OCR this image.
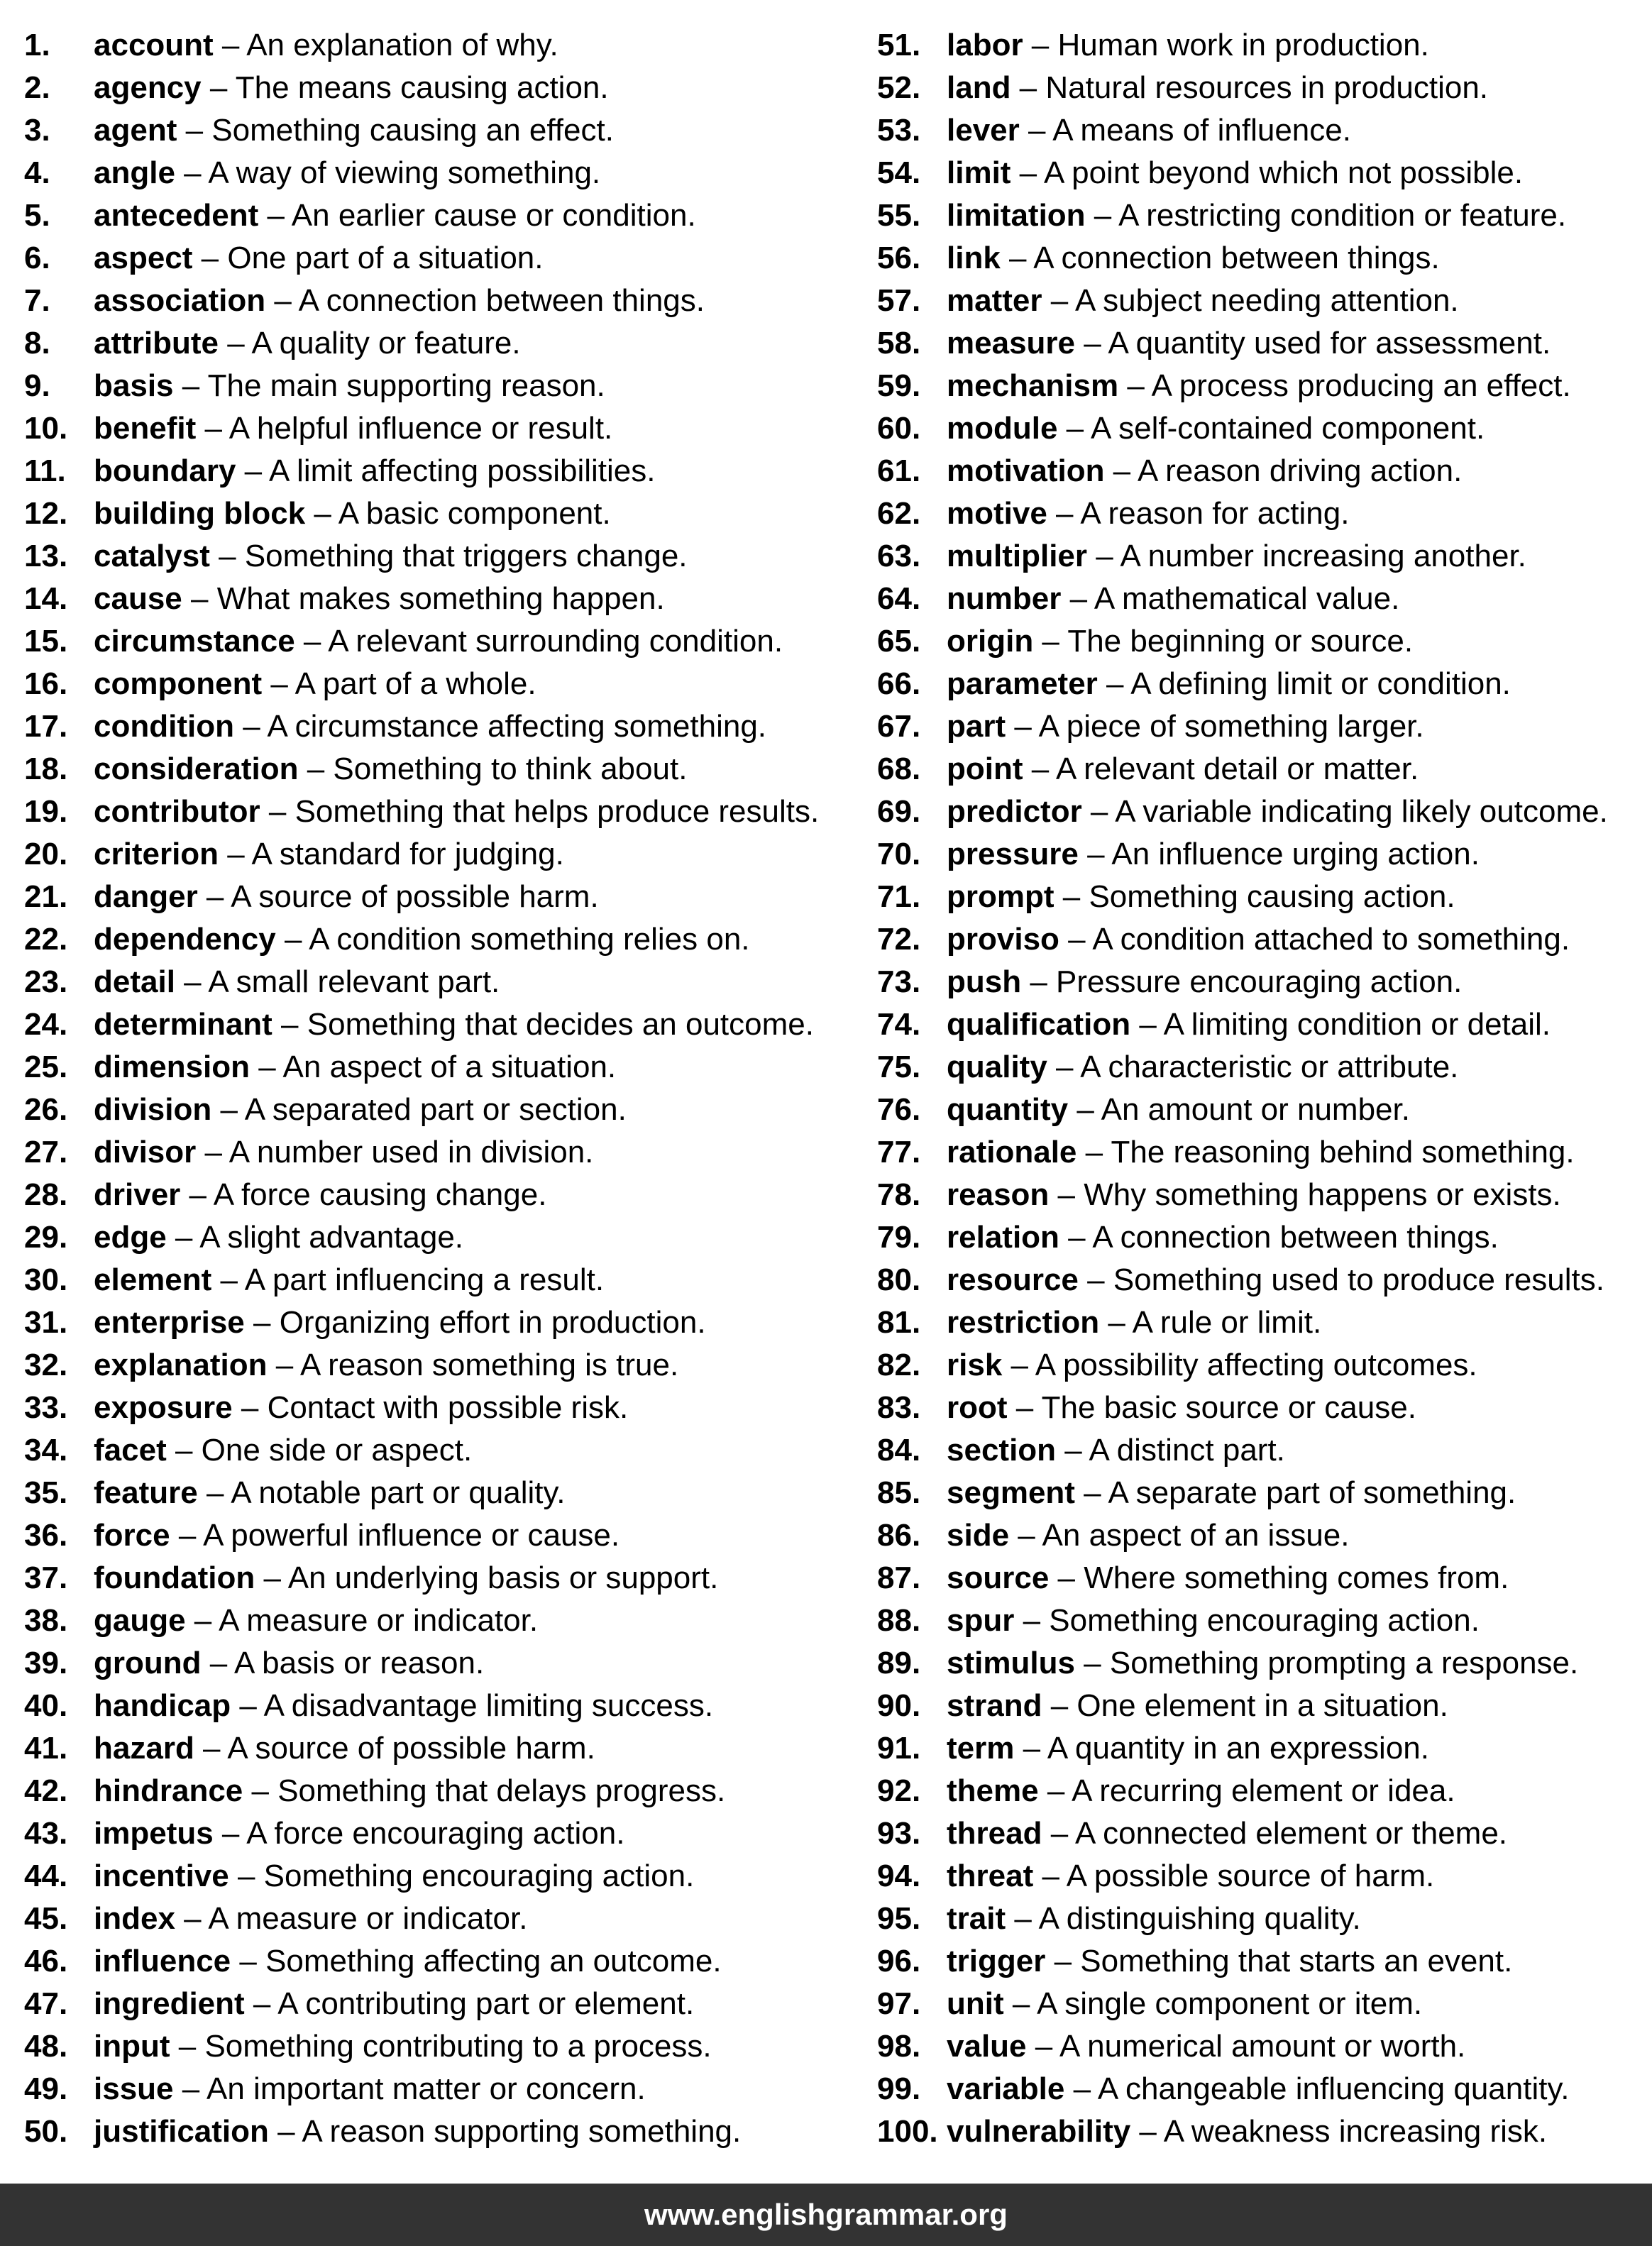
1. account – An explanation of why.
2. agency – The means causing action.
3. agent – Something causing an effect.
4. angle – A way of viewing something.
5. antecedent – An earlier cause or condition.
6. aspect – One part of a situation.
7. association – A connection between things.
8. attribute – A quality or feature.
9. basis – The main supporting reason.
10. benefit – A helpful influence or result.
11. boundary – A limit affecting possibilities.
12. building block – A basic component.
13. catalyst – Something that triggers change.
14. cause – What makes something happen.
15. circumstance – A relevant surrounding condition.
16. component – A part of a whole.
17. condition – A circumstance affecting something.
18. consideration – Something to think about.
19. contributor – Something that helps produce results.
20. criterion – A standard for judging.
21. danger – A source of possible harm.
22. dependency – A condition something relies on.
23. detail – A small relevant part.
24. determinant – Something that decides an outcome.
25. dimension – An aspect of a situation.
26. division – A separated part or section.
27. divisor – A number used in division.
28. driver – A force causing change.
29. edge – A slight advantage.
30. element – A part influencing a result.
31. enterprise – Organizing effort in production.
32. explanation – A reason something is true.
33. exposure – Contact with possible risk.
34. facet – One side or aspect.
35. feature – A notable part or quality.
36. force – A powerful influence or cause.
37. foundation – An underlying basis or support.
38. gauge – A measure or indicator.
39. ground – A basis or reason.
40. handicap – A disadvantage limiting success.
41. hazard – A source of possible harm.
42. hindrance – Something that delays progress.
43. impetus – A force encouraging action.
44. incentive – Something encouraging action.
45. index – A measure or indicator.
46. influence – Something affecting an outcome.
47. ingredient – A contributing part or element.
48. input – Something contributing to a process.
49. issue – An important matter or concern.
50. justification – A reason supporting something.
51. labor – Human work in production.
52. land – Natural resources in production.
53. lever – A means of influence.
54. limit – A point beyond which not possible.
55. limitation – A restricting condition or feature.
56. link – A connection between things.
57. matter – A subject needing attention.
58. measure – A quantity used for assessment.
59. mechanism – A process producing an effect.
60. module – A self-contained component.
61. motivation – A reason driving action.
62. motive – A reason for acting.
63. multiplier – A number increasing another.
64. number – A mathematical value.
65. origin – The beginning or source.
66. parameter – A defining limit or condition.
67. part – A piece of something larger.
68. point – A relevant detail or matter.
69. predictor – A variable indicating likely outcome.
70. pressure – An influence urging action.
71. prompt – Something causing action.
72. proviso – A condition attached to something.
73. push – Pressure encouraging action.
74. qualification – A limiting condition or detail.
75. quality – A characteristic or attribute.
76. quantity – An amount or number.
77. rationale – The reasoning behind something.
78. reason – Why something happens or exists.
79. relation – A connection between things.
80. resource – Something used to produce results.
81. restriction – A rule or limit.
82. risk – A possibility affecting outcomes.
83. root – The basic source or cause.
84. section – A distinct part.
85. segment – A separate part of something.
86. side – An aspect of an issue.
87. source – Where something comes from.
88. spur – Something encouraging action.
89. stimulus – Something prompting a response.
90. strand – One element in a situation.
91. term – A quantity in an expression.
92. theme – A recurring element or idea.
93. thread – A connected element or theme.
94. threat – A possible source of harm.
95. trait – A distinguishing quality.
96. trigger – Something that starts an event.
97. unit – A single component or item.
98. value – A numerical amount or worth.
99. variable – A changeable influencing quantity.
100. vulnerability – A weakness increasing risk.
www.englishgrammar.org
